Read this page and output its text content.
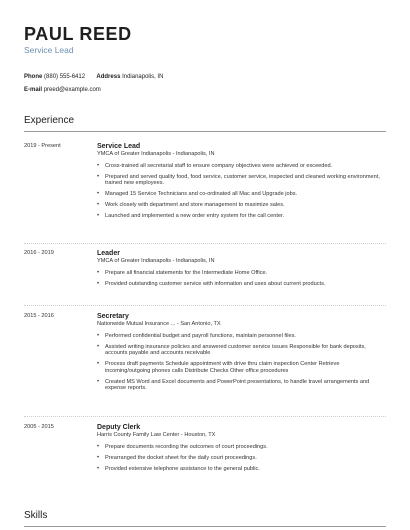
PAUL REED
Service Lead
Phone (880) 555-6412 Address Indianapolis, IN
E-mail preed@example.com
Experience
2019 - Present	Service Lead
YMCA of Greater Indianapolis - Indianapolis, IN
• Cross-trained all secretarial staff to ensure company objectives were achieved or exceeded.
• Prepared and served quality food, food service, customer service, inspected and cleaned working environment, trained new employees.
• Managed 15 Service Technicians and co-ordinated all Mac and Upgrade jobs.
• Work closely with department and store management to maximize sales.
• Launched and implemented a new order entry system for the call center.
2016 - 2019	Leader
YMCA of Greater Indianapolis - Indianapolis, IN
• Prepare all financial statements for the Intermediate Home Office.
• Provided outstanding customer service with information and uses about current products.
2015 - 2016	Secretary
Nationwide Mutual Insurance ... - San Antonio, TX
• Performed confidential budget and payroll functions, maintain personnel files.
• Assisted writing insurance policies and answered customer service issues Responsible for bank deposits, accounts payable and accounts receivable
• Process draft payments Schedule appointment with drive thru claim inspection Center Retrieve incoming/outgoing phones calls Distribute Checks Other office procedures
• Created MS Word and Excel documents and PowerPoint presentations, to handle travel arrangements and expense reports.
2005 - 2015	Deputy Clerk
Harris County Family Law Center - Houston, TX
• Prepare documents recording the outcomes of court proceedings.
• Prearranged the docket sheet for the daily court proceedings.
• Provided extensive telephone assistance to the general public.
Skills
